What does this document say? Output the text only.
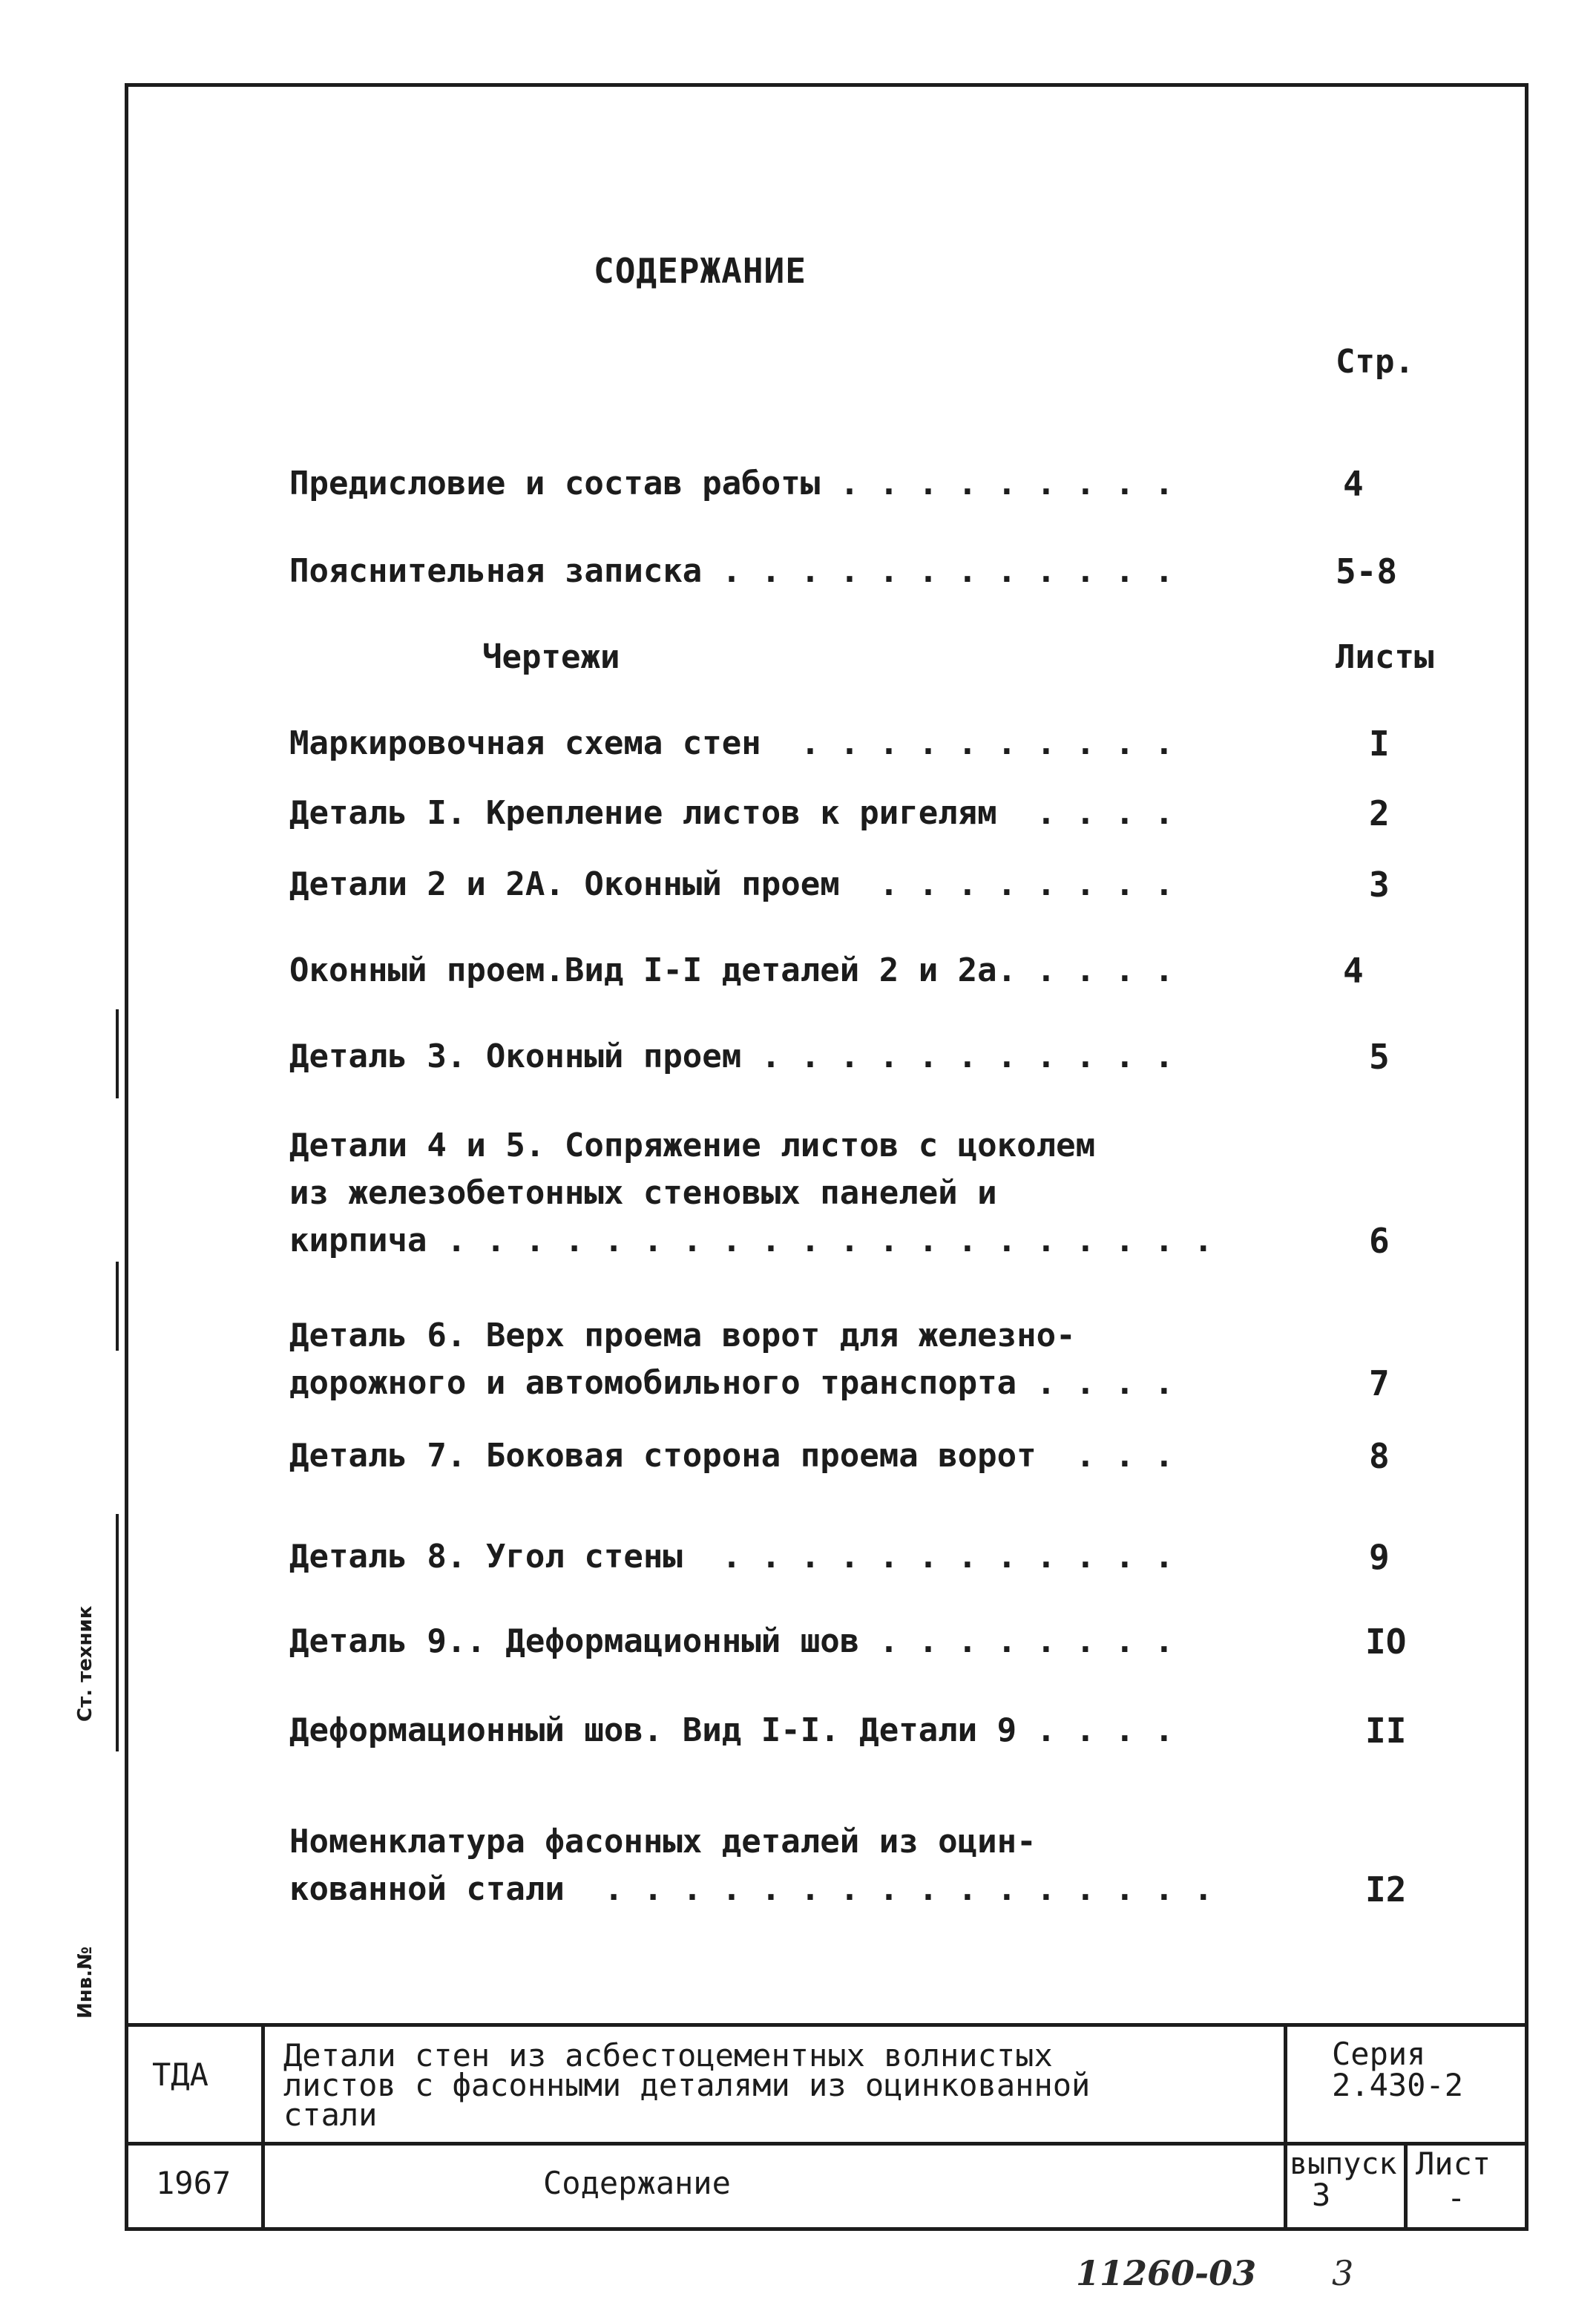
СОДЕРЖАНИЕ
Стр.
Предисловие и состав работы . . . . . . . . .	4
Пояснительная записка . . . . . . . . . . . .	5-8
Чертежи	Листы
Маркировочная схема стен  . . . . . . . . . .	I
Деталь I. Крепление листов к ригелям  . . . .	2
Детали 2 и 2А. Оконный проем  . . . . . . . .	3
Оконный проем.Вид I-I деталей 2 и 2а. . . . .	4
Деталь 3. Оконный проем . . . . . . . . . . .	5
Детали 4 и 5. Сопряжение листов с цоколем
из железобетонных стеновых панелей и
кирпича . . . . . . . . . . . . . . . . . . . .	6
Деталь 6. Верх проема ворот для железно-
дорожного и автомобильного транспорта . . . .	7
Деталь 7. Боковая сторона проема ворот  . . .	8
Деталь 8. Угол стены  . . . . . . . . . . . .	9
Деталь 9.. Деформационный шов . . . . . . . .	IO
Деформационный шов. Вид I-I. Детали 9 . . . .	II
Номенклатура фасонных деталей из оцин-
кованной стали  . . . . . . . . . . . . . . . .	I2
ТДА
1967
Детали стен из асбестоцементных волнистых
листов с фасонными деталями из оцинкованной
стали
Серия
2.430-2
Содержание
выпуск
3
Лист
-
11260-03 3
Ст. техник
Инв.№
